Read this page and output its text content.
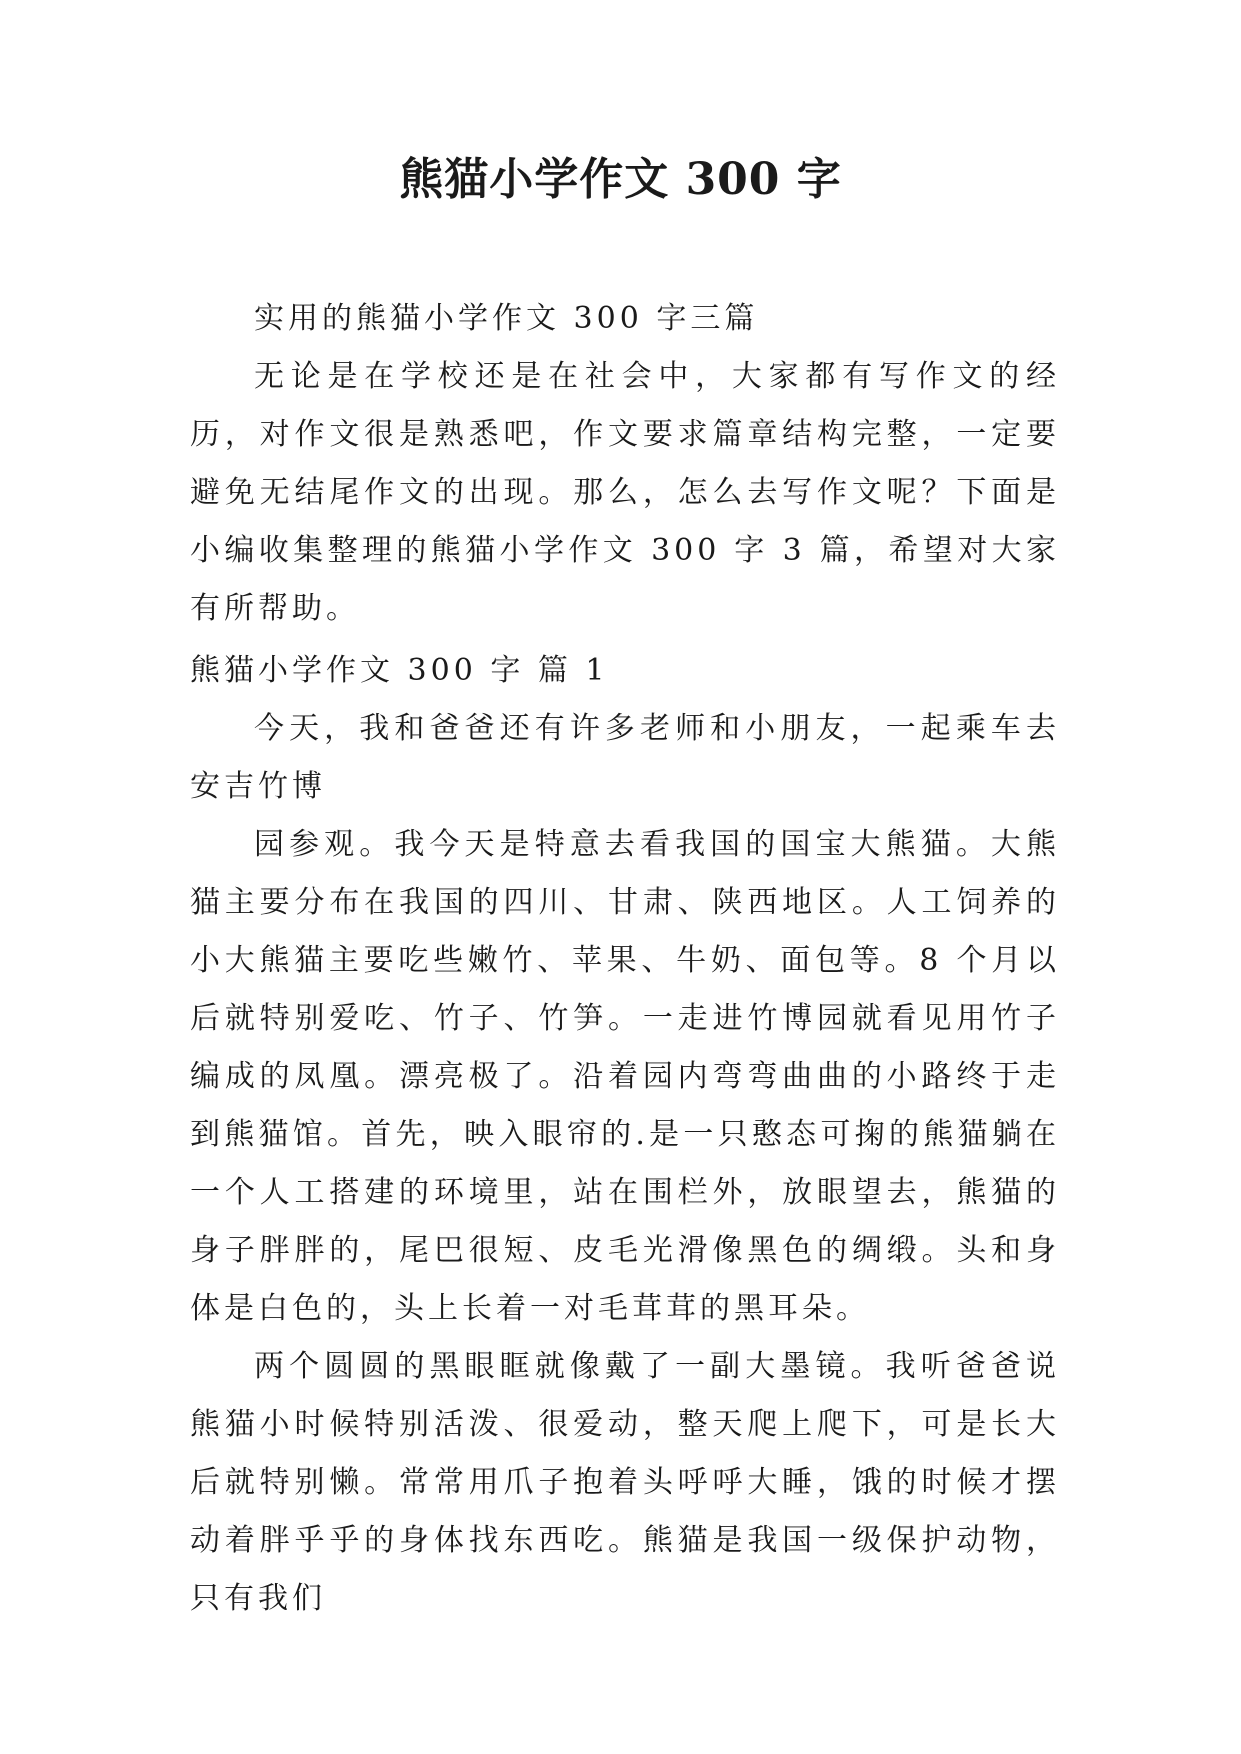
熊猫小学作文 300 字

实用的熊猫小学作文 300 字三篇

无论是在学校还是在社会中，大家都有写作文的经历，对作文很是熟悉吧，作文要求篇章结构完整，一定要避免无结尾作文的出现。那么，怎么去写作文呢？下面是小编收集整理的熊猫小学作文 300 字 3 篇，希望对大家有所帮助。

熊猫小学作文 300 字 篇 1

今天，我和爸爸还有许多老师和小朋友，一起乘车去安吉竹博

园参观。我今天是特意去看我国的国宝大熊猫。大熊猫主要分布在我国的四川、甘肃、陕西地区。人工饲养的小大熊猫主要吃些嫩竹、苹果、牛奶、面包等。8 个月以后就特别爱吃、竹子、竹笋。一走进竹博园就看见用竹子编成的凤凰。漂亮极了。沿着园内弯弯曲曲的小路终于走到熊猫馆。首先，映入眼帘的.是一只憨态可掬的熊猫躺在一个人工搭建的环境里，站在围栏外，放眼望去，熊猫的身子胖胖的，尾巴很短、皮毛光滑像黑色的绸缎。头和身体是白色的，头上长着一对毛茸茸的黑耳朵。

两个圆圆的黑眼眶就像戴了一副大墨镜。我听爸爸说熊猫小时候特别活泼、很爱动，整天爬上爬下，可是长大后就特别懒。常常用爪子抱着头呼呼大睡，饿的时候才摆动着胖乎乎的身体找东西吃。熊猫是我国一级保护动物，只有我们
